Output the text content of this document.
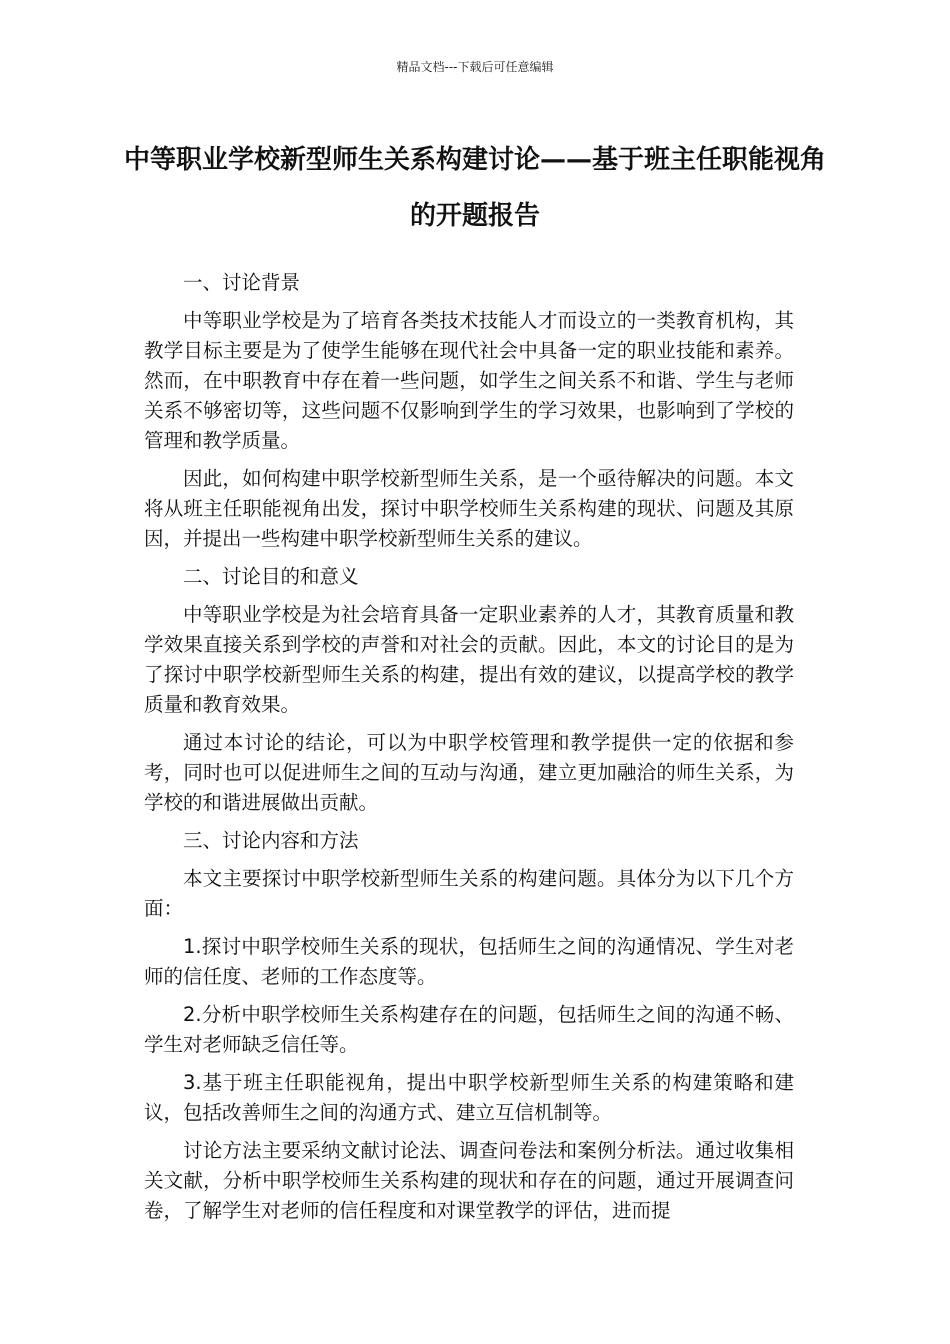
精品文档---下载后可任意编辑
中等职业学校新型师生关系构建讨论——基于班主任职能视角的开题报告

一、讨论背景

中等职业学校是为了培育各类技术技能人才而设立的一类教育机构，其教学目标主要是为了使学生能够在现代社会中具备一定的职业技能和素养。然而，在中职教育中存在着一些问题，如学生之间关系不和谐、学生与老师关系不够密切等，这些问题不仅影响到学生的学习效果，也影响到了学校的管理和教学质量。

因此，如何构建中职学校新型师生关系，是一个亟待解决的问题。本文将从班主任职能视角出发，探讨中职学校师生关系构建的现状、问题及其原因，并提出一些构建中职学校新型师生关系的建议。

二、讨论目的和意义

中等职业学校是为社会培育具备一定职业素养的人才，其教育质量和教学效果直接关系到学校的声誉和对社会的贡献。因此，本文的讨论目的是为了探讨中职学校新型师生关系的构建，提出有效的建议，以提高学校的教学质量和教育效果。

通过本讨论的结论，可以为中职学校管理和教学提供一定的依据和参考，同时也可以促进师生之间的互动与沟通，建立更加融洽的师生关系，为学校的和谐进展做出贡献。

三、讨论内容和方法

本文主要探讨中职学校新型师生关系的构建问题。具体分为以下几个方面：

1.探讨中职学校师生关系的现状，包括师生之间的沟通情况、学生对老师的信任度、老师的工作态度等。

2.分析中职学校师生关系构建存在的问题，包括师生之间的沟通不畅、学生对老师缺乏信任等。

3.基于班主任职能视角，提出中职学校新型师生关系的构建策略和建议，包括改善师生之间的沟通方式、建立互信机制等。

讨论方法主要采纳文献讨论法、调查问卷法和案例分析法。通过收集相关文献，分析中职学校师生关系构建的现状和存在的问题，通过开展调查问卷，了解学生对老师的信任程度和对课堂教学的评估，进而提
